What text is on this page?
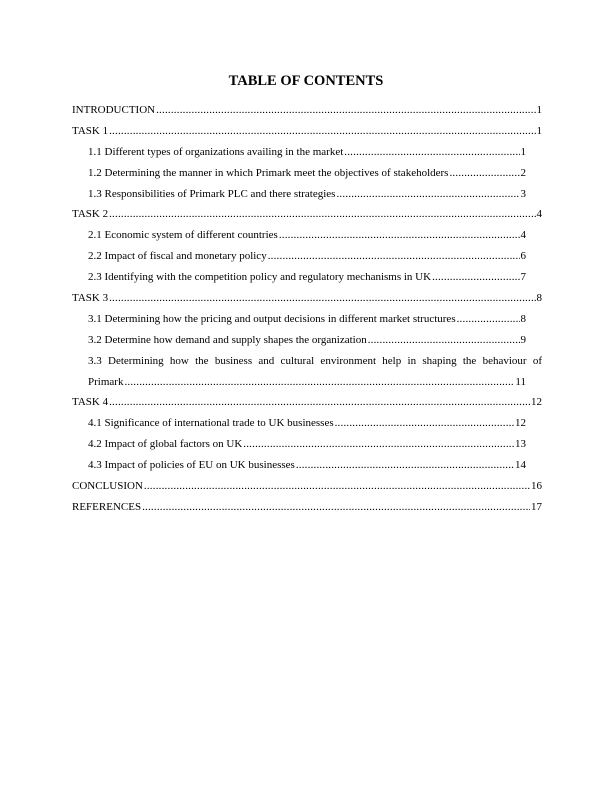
TABLE OF CONTENTS
INTRODUCTION .....	1
TASK 1 .....	1
1.1 Different types of organizations availing in the market .....	1
1.2 Determining the manner in which Primark meet the objectives of stakeholders .....	2
1.3 Responsibilities of Primark PLC and there strategies .....	3
TASK 2 .....	4
2.1 Economic system of different countries .....	4
2.2 Impact of fiscal and monetary policy .....	6
2.3 Identifying with the competition policy and regulatory mechanisms in UK .....	7
TASK 3 .....	8
3.1 Determining how the pricing and output decisions in different market structures .....	8
3.2 Determine how demand and supply shapes the organization .....	9
3.3 Determining how the business and cultural environment help in shaping the behaviour of
Primark .....	11
TASK 4 .....	12
4.1 Significance of international trade to UK businesses .....	12
4.2 Impact of global factors on UK .....	13
4.3 Impact of policies of EU on UK businesses .....	14
CONCLUSION .....	16
REFERENCES .....	17
